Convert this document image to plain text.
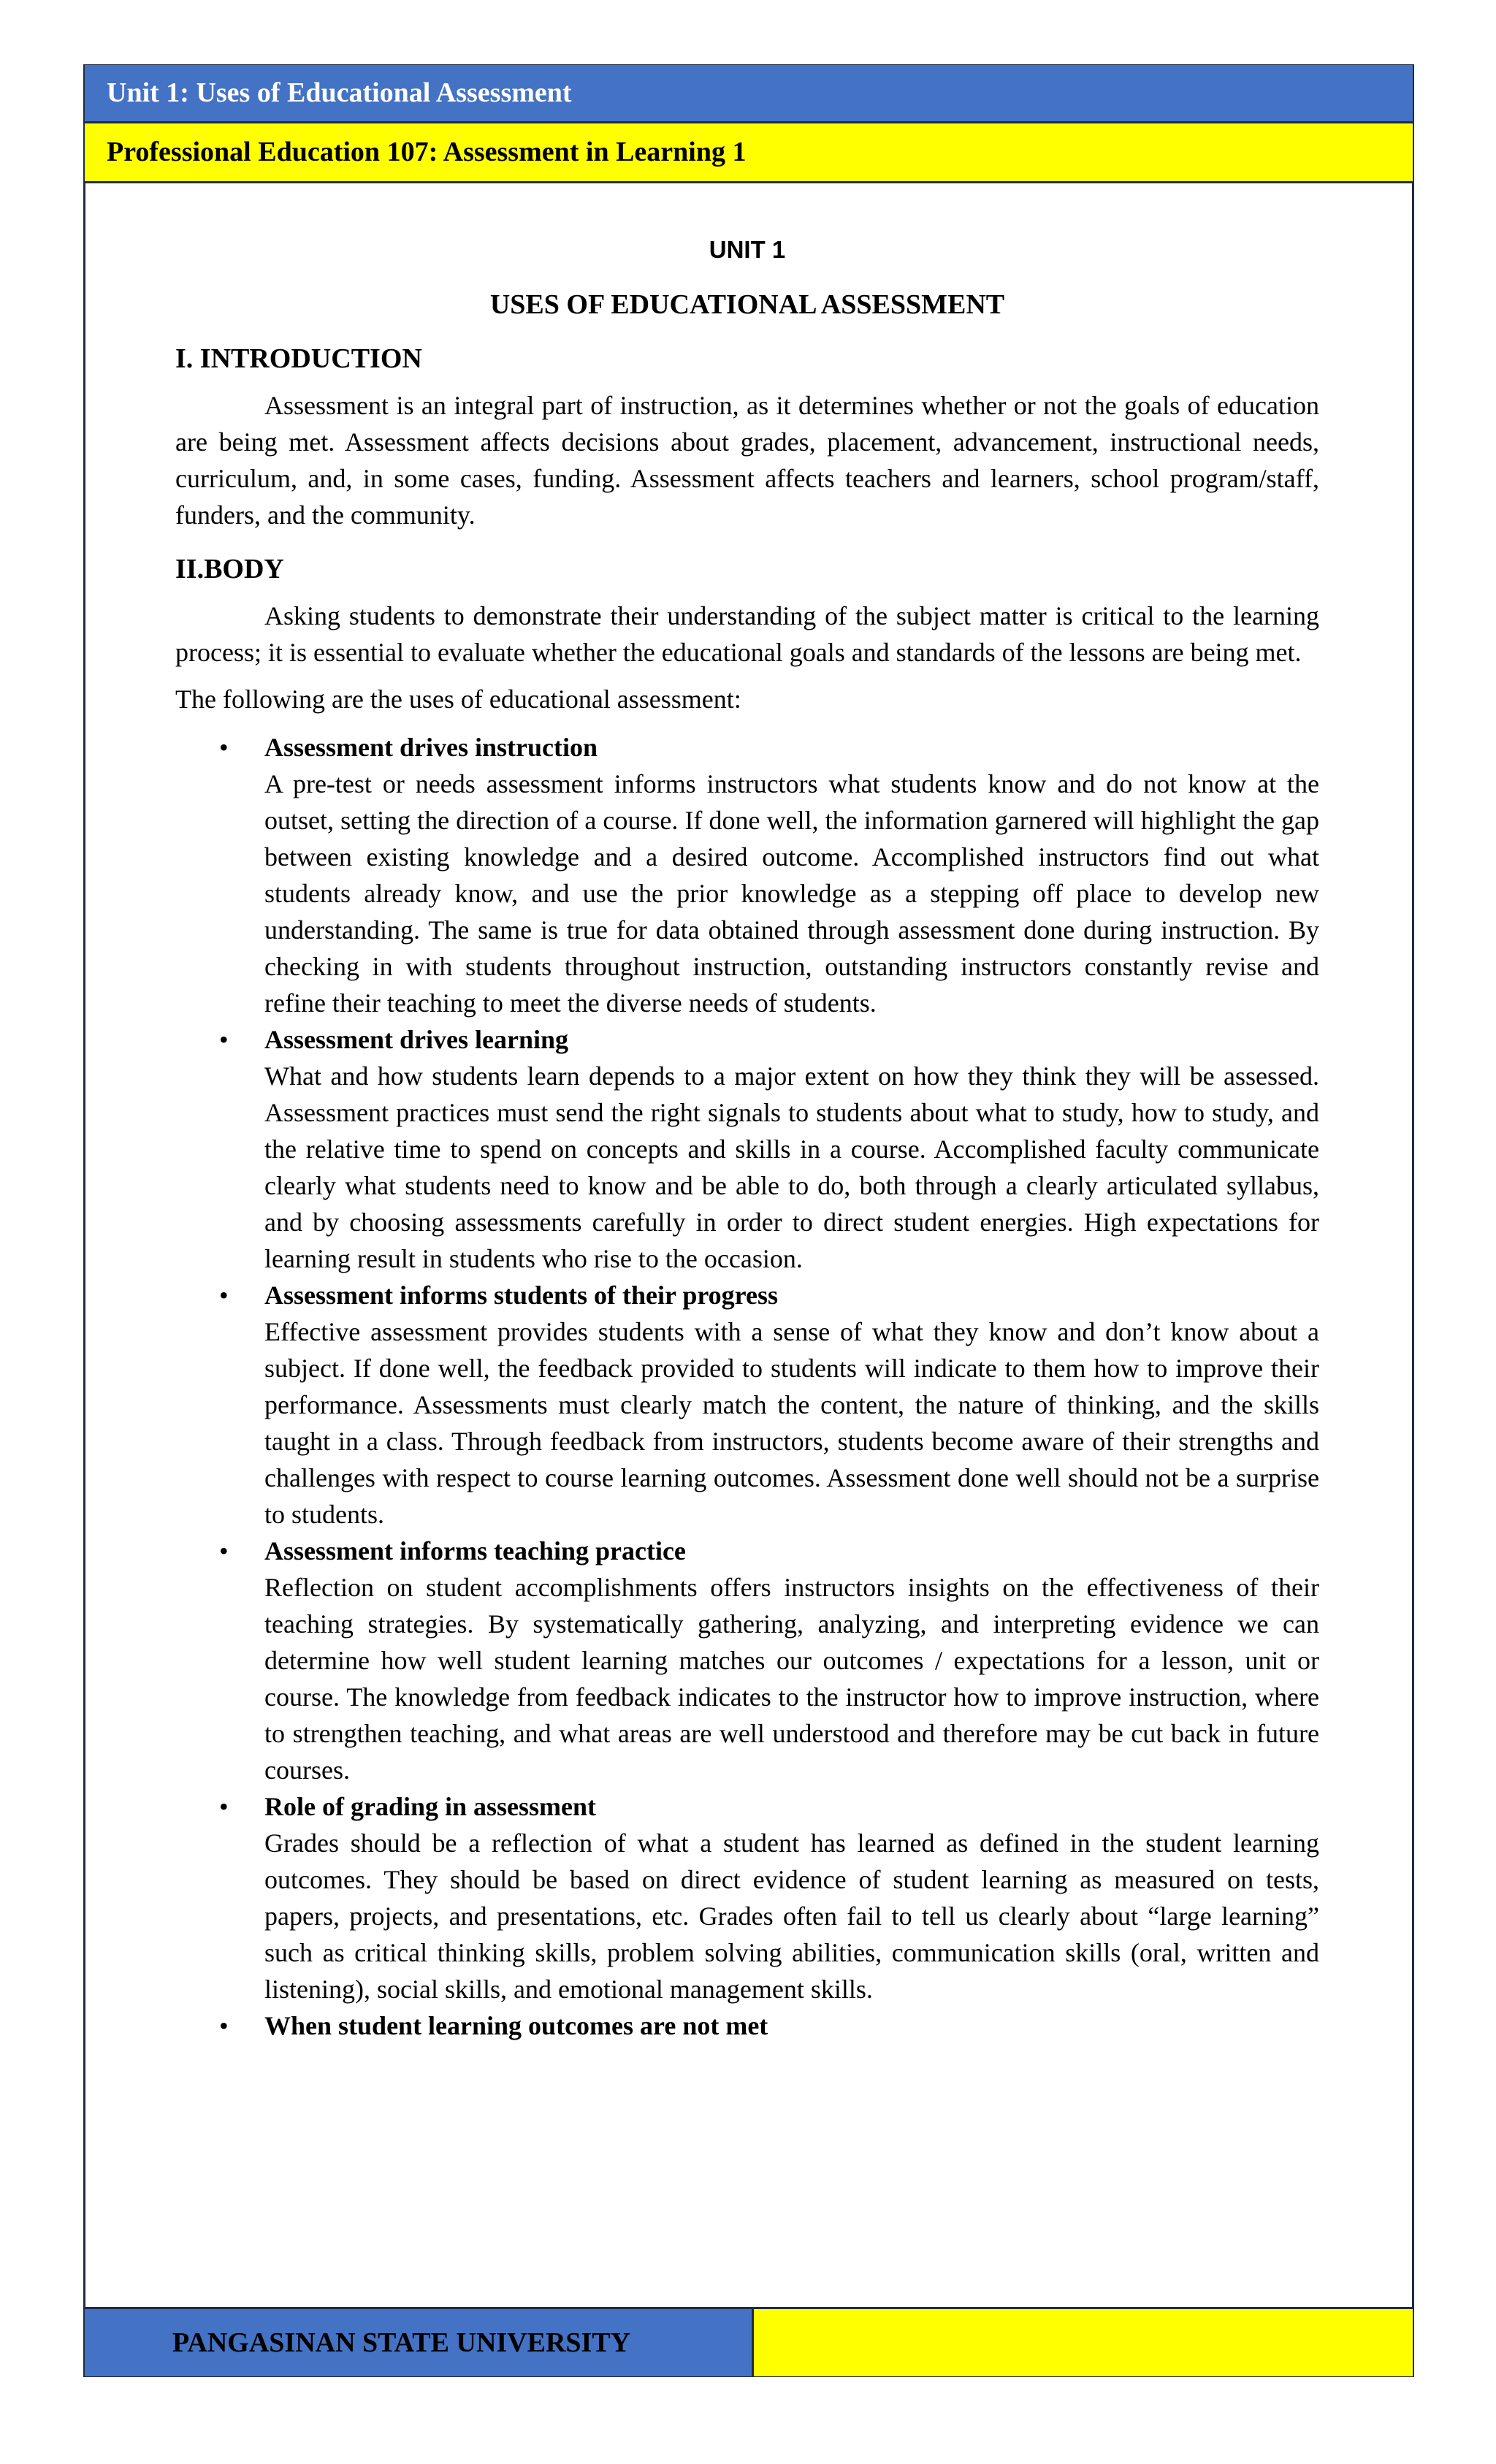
Unit 1: Uses of Educational Assessment
Professional Education 107: Assessment in Learning 1
UNIT 1
USES OF EDUCATIONAL ASSESSMENT
I. INTRODUCTION

Assessment is an integral part of instruction, as it determines whether or not the goals of education are being met. Assessment affects decisions about grades, placement, advancement, instructional needs, curriculum, and, in some cases, funding. Assessment affects teachers and learners, school program/staff, funders, and the community.

II.BODY

Asking students to demonstrate their understanding of the subject matter is critical to the learning process; it is essential to evaluate whether the educational goals and standards of the lessons are being met.

The following are the uses of educational assessment:

• Assessment drives instruction
A pre-test or needs assessment informs instructors what students know and do not know at the outset, setting the direction of a course. If done well, the information garnered will highlight the gap between existing knowledge and a desired outcome. Accomplished instructors find out what students already know, and use the prior knowledge as a stepping off place to develop new understanding. The same is true for data obtained through assessment done during instruction. By checking in with students throughout instruction, outstanding instructors constantly revise and refine their teaching to meet the diverse needs of students.
• Assessment drives learning
What and how students learn depends to a major extent on how they think they will be assessed. Assessment practices must send the right signals to students about what to study, how to study, and the relative time to spend on concepts and skills in a course. Accomplished faculty communicate clearly what students need to know and be able to do, both through a clearly articulated syllabus, and by choosing assessments carefully in order to direct student energies. High expectations for learning result in students who rise to the occasion.
• Assessment informs students of their progress
Effective assessment provides students with a sense of what they know and don’t know about a subject. If done well, the feedback provided to students will indicate to them how to improve their performance. Assessments must clearly match the content, the nature of thinking, and the skills taught in a class. Through feedback from instructors, students become aware of their strengths and challenges with respect to course learning outcomes. Assessment done well should not be a surprise to students.
• Assessment informs teaching practice
Reflection on student accomplishments offers instructors insights on the effectiveness of their teaching strategies. By systematically gathering, analyzing, and interpreting evidence we can determine how well student learning matches our outcomes / expectations for a lesson, unit or course. The knowledge from feedback indicates to the instructor how to improve instruction, where to strengthen teaching, and what areas are well understood and therefore may be cut back in future courses.
• Role of grading in assessment
Grades should be a reflection of what a student has learned as defined in the student learning outcomes. They should be based on direct evidence of student learning as measured on tests, papers, projects, and presentations, etc. Grades often fail to tell us clearly about “large learning” such as critical thinking skills, problem solving abilities, communication skills (oral, written and listening), social skills, and emotional management skills.
• When student learning outcomes are not met
PANGASINAN STATE UNIVERSITY
